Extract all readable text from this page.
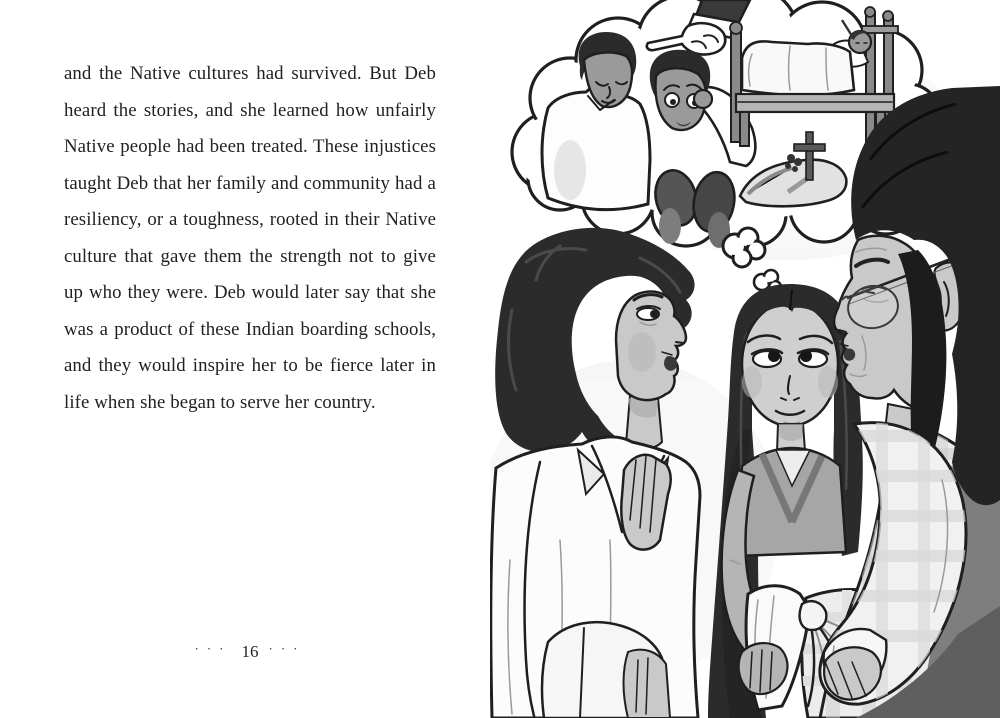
and the Native cultures had survived. But Deb
heard the stories, and she learned how unfairly
Native people had been treated. These injustices
taught Deb that her family and community had a
resiliency, or a toughness, rooted in their Native
culture that gave them the strength not to give
up who they were. Deb would later say that she
was a product of these Indian boarding schools,
and they would inspire her to be fierce later in
life when she began to serve her country.
··· 16 ···
